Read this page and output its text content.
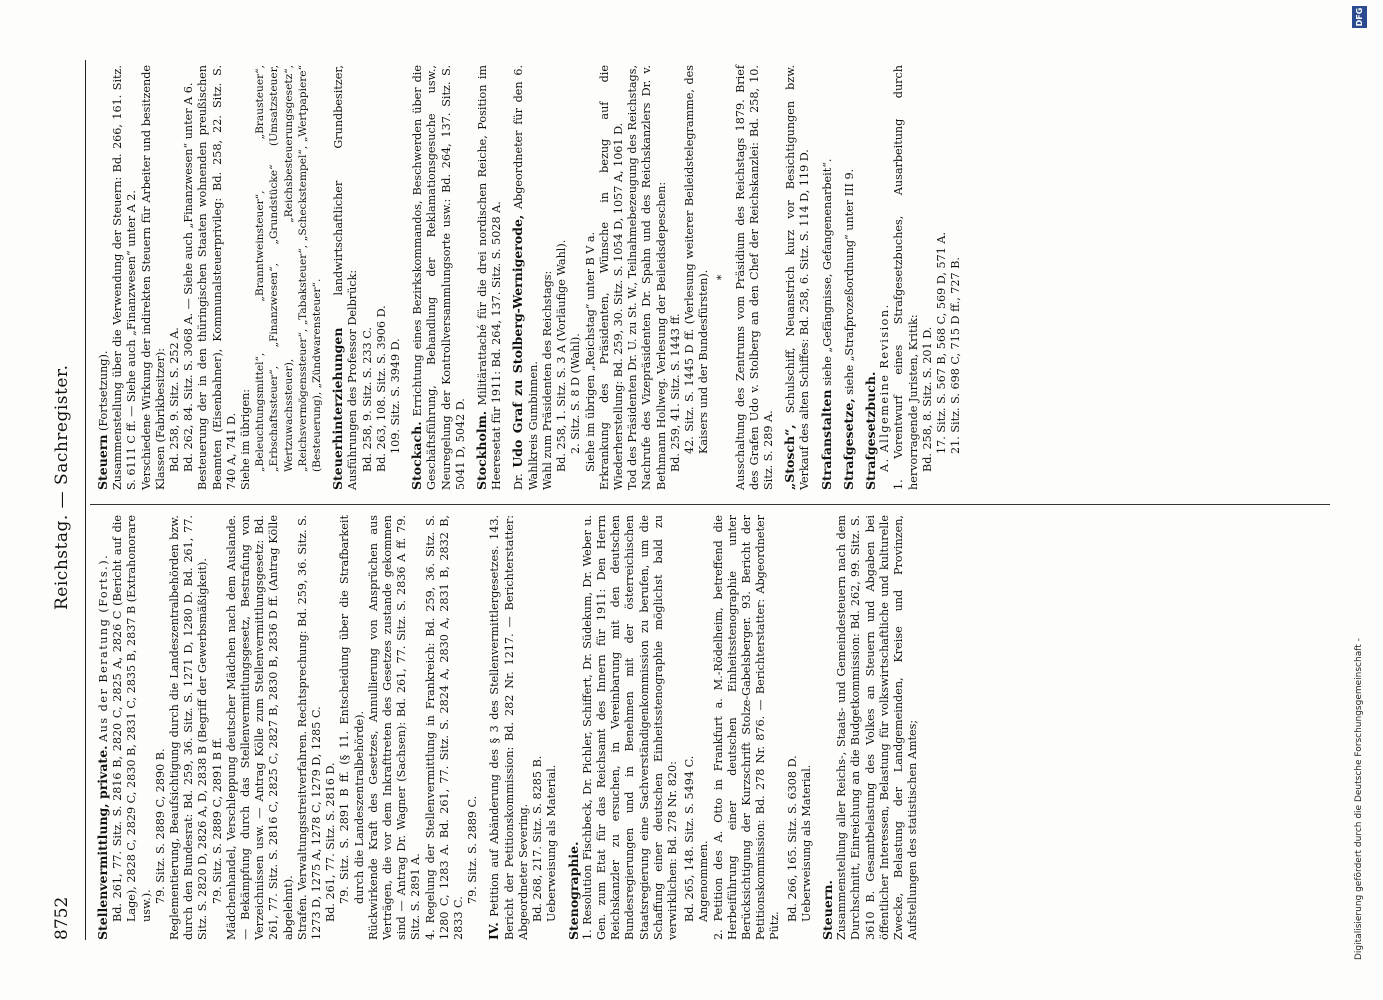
8752
Reichstag. — Sachregister.
Stellenvermittlung, private. Aus der Beratung (Forts.). Bd. 261, 77. Sitz. S. 2816 B, 2820 C, 2825 A, 2826 C (Bericht auf die Lage), 2828 C, 2829 C, 2830 B, 2831 C, 2835 B, 2837 B (Extrahonorare usw.).
79. Sitz. S. 2889 C, 2890 B. Reglementierung, Beaufsichtigung durch die Landeszentralbehörden bzw. durch den Bundesrat: Bd. 259, 36. Sitz. S. 1271 D, 1280 D. Bd. 261, 77. Sitz. S. 2820 D, 2826 A, D, 2838 B (Begriff der Gewerbsmäßigkeit). 79. Sitz. S. 2889 C, 2891 B ff. Mädchenhandel, Verschleppung deutscher Mädchen nach dem Auslande. — Bekämpfung durch das Stellenvermittlungsgesetz, Bestrafung von Verzeichnissen usw. — Antrag Kölle zum Stellenvermittlungsgesetz: Bd. 261, 77. Sitz. S. 2816 C, 2825 C, 2827 B, 2830 B, 2836 D ff. (Antrag Kölle abgelehnt). Strafen. Verwaltungsstreitverfahren. Rechtsprechung: Bd. 259, 36. Sitz. S. 1273 D, 1275 A, 1278 C, 1279 D, 1285 C. Bd. 261, 77. Sitz. S. 2816 D. 79. Sitz. S. 2891 B ff. (§ 11. Entscheidung über die Strafbarkeit durch die Landeszentralbehörde). Rückwirkende Kraft des Gesetzes, Annullierung von Ansprüchen aus Verträgen, die vor dem Inkrafttreten des Gesetzes zustande gekommen sind — Antrag Dr. Wagner (Sachsen): Bd. 261, 77. Sitz. S. 2836 A ff. 79. Sitz. S. 2891 A. 4. Regelung der Stellenvermittlung in Frankreich: Bd. 259, 36. Sitz. S. 1280 C, 1283 A. Bd. 261, 77. Sitz. S. 2824 A, 2830 A, 2831 B, 2832 B, 2833 C.
79. Sitz. S. 2889 C.
IV. Petition auf Abänderung des § 3 des Stellenvermittlergesetzes. 143. Bericht der Petitionskommission: Bd. 282 Nr. 1217. — Berichterstatter: Abgeordneter Severing. Bd. 268, 217. Sitz. S. 8285 B. Ueberweisung als Material. Stenographie. 1. Resolution Fischbeck, Dr. Pichler, Schiffert, Dr. Südekum, Dr. Weber u. Gen. zum Etat für das Reichsamt des Innern für 1911: Den Herrn Reichskanzler zu ersuchen, in Vereinbarung mit den deutschen Bundesregierungen und in Benehmen mit der österreichischen Staatsregierung eine Sachverständigenkommission zu berufen, um die Schaffung einer deutschen Einheitsstenographie möglichst bald zu verwirklichen: Bd. 278 Nr. 820: Bd. 265, 148. Sitz. S. 5494 C. Angenommen. 2. Petition des A. Otto in Frankfurt a. M.-Rödelheim, betreffend die Herbeiführung einer deutschen Einheitsstenographie unter Berücksichtigung der Kurzschrift Stolze-Gabelsberger. 93. Bericht der Petitionskommission: Bd. 278 Nr. 876. — Berichterstatter: Abgeordneter Pütz.
Bd. 266, 165. Sitz. S. 6308 D. Ueberweisung als Material. Steuern. Zusammenstellung aller Reichs-, Staats- und Gemeindesteuern nach dem Durchschnitt, Einreichung an die Budgetkommission: Bd. 262, 99. Sitz. S. 3610 B. Gesamtbelastung des Volkes an Steuern und Abgaben bei öffentlicher Interessen, Belastung für volkswirtschaftliche und kulturelle Zwecke, Belastung der Landgemeinden, Kreise und Provinzen, Aufstellungen des statistischen Amtes;
Steuern (Fortsetzung). Zusammenstellung über die Verwendung der Steuern: Bd. 266, 161. Sitz. S. 6111 C ff. — Siehe auch „Finanzwesen“ unter A 2. Verschiedene Wirkung der indirekten Steuern für Arbeiter und besitzende Klassen (Fabrikbesitzer): Bd. 258, 9. Sitz. S. 252 A. Bd. 262, 84. Sitz. S. 3068 A. — Siehe auch „Finanzwesen“ unter A 6. Besteuerung der in den thüringischen Staaten wohnenden preußischen Beamten (Eisenbahner), Kommunalsteuerprivileg: Bd. 258, 22. Sitz. S. 740 A, 741 D. Siehe im übrigen: „Beleuchtungsmittel“, „Branntweinsteuer“, „Brausteuer“, „Erbschaftssteuer“, „Finanzwesen“, „Grundstücke“ (Umsatzsteuer, Wertzuwachssteuer), „Reichsbesteuerungsgesetz“, „Reichsvermögenssteuer“, „Tabaksteuer“, „Scheckstempel“, „Wertpapiere“ (Besteuerung), „Zündwarensteuer“. Steuerhinterziehungen landwirtschaftlicher Grundbesitzer, Ausführungen des Professor Delbrück: Bd. 258, 9. Sitz. S. 233 C. Bd. 263, 108. Sitz. S. 3906 D. 109. Sitz. S. 3949 D.
Stockach. Errichtung eines Bezirkskommandos, Beschwerden über die Geschäftsführung, Behandlung der Reklamationsgesuche usw., Neuregelung der Kontrollversammlungsorte usw.: Bd. 264, 137. Sitz. S. 5041 D, 5042 D. Stockholm. Militärattaché für die drei nordischen Reiche, Position im Heeresetat für 1911: Bd. 264, 137. Sitz. S. 5028 A. Dr. Udo Graf zu Stolberg-Wernigerode, Abgeordneter für den 6. Wahlkreis Gumbinnen. Wahl zum Präsidenten des Reichstags: Bd. 258, 1. Sitz. S. 3 A (Vorläufige Wahl). 2. Sitz. S. 8 D (Wahl). Siehe im übrigen „Reichstag“ unter B V a. Erkrankung des Präsidenten, Wünsche in bezug auf die Wiederherstellung: Bd. 259, 30. Sitz. S. 1054 D, 1057 A, 1061 D. Tod des Präsidenten Dr. U. zu St. W., Teilnahmebezeugung des Reichstags, Nachrufe des Vizepräsidenten Dr. Spahn und des Reichskanzlers Dr. v. Bethmann Hollweg. Verlesung der Beileidsdepeschen: Bd. 259, 41. Sitz. S. 1443 ff. 42. Sitz. S. 1445 D ff. (Verlesung weiterer Beileidstelegramme, des Kaisers und der Bundesfürsten). * Ausschaltung des Zentrums vom Präsidium des Reichstags 1879. Brief des Grafen Udo v. Stolberg an den Chef der Reichskanzlei: Bd. 258, 10. Sitz. S. 289 A. „Stosch“, Schulschiff, Neuanstrich kurz vor Besichtigungen bzw. Verkauf des alten Schiffes: Bd. 258, 6. Sitz. S. 114 D, 119 D. Strafanstalten siehe „Gefängnisse, Gefangenenarbeit“.
Strafgesetze, siehe „Strafprozeßordnung“ unter III 9.
Strafgesetzbuch. A. Allgemeine Revision. 1. Vorentwurf eines Strafgesetzbuches, Ausarbeitung durch hervorragende Juristen, Kritik: Bd. 258, 8. Sitz. S. 201 D. 17. Sitz. S. 567 B, 568 C, 569 D, 571 A. 21. Sitz. S. 698 C, 715 D ff., 727 B.
Digitalisierung gefördert durch die Deutsche Forschungsgemeinschaft -
DFG
